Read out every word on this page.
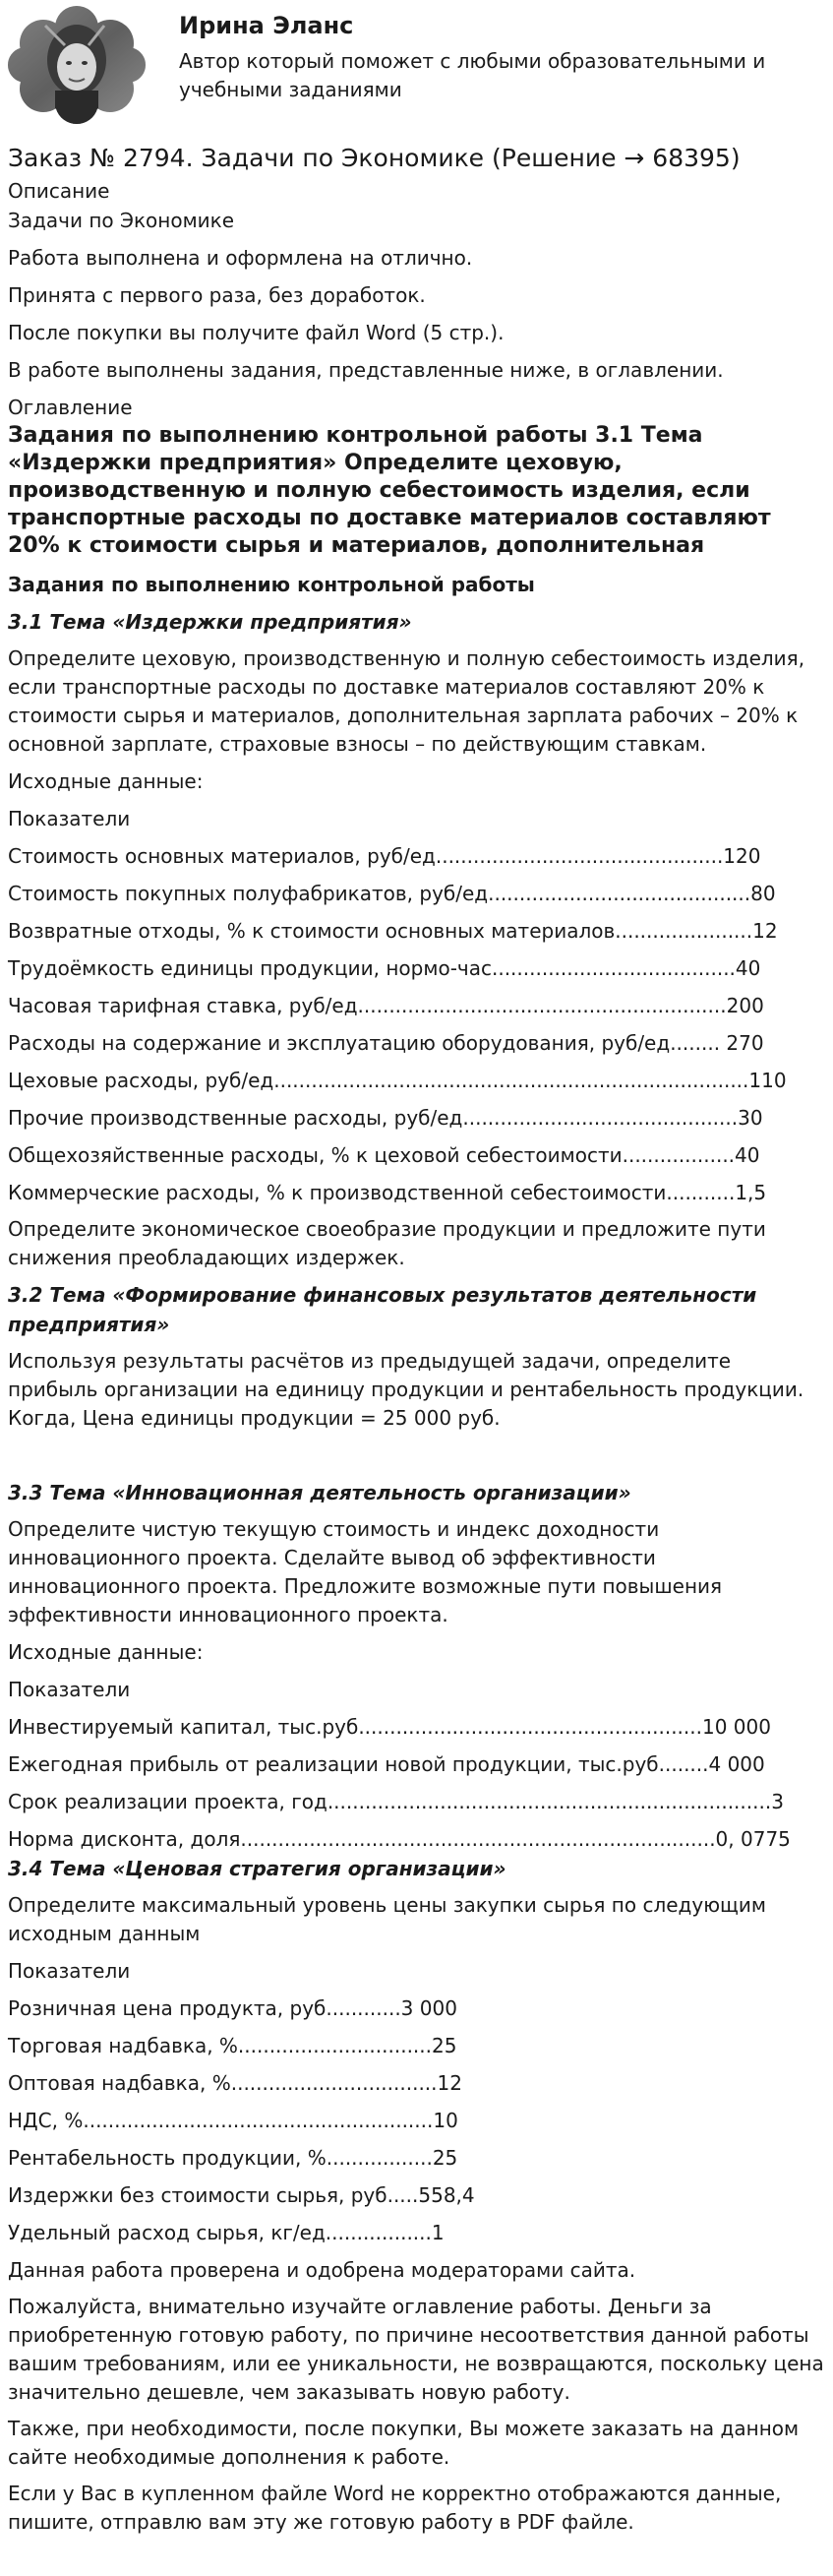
Ирина Эланс
Автор который поможет с любыми образовательными и учебными заданиями
Заказ № 2794. Задачи по Экономике (Решение → 68395)

Описание

Задачи по Экономике

Работа выполнена и оформлена на отлично.

Принята с первого раза, без доработок.

После покупки вы получите файл Word (5 стр.).

В работе выполнены задания, представленные ниже, в оглавлении.

Оглавление

Задания по выполнению контрольной работы 3.1 Тема «Издержки предприятия» Определите цеховую, производственную и полную себестоимость изделия, если транспортные расходы по доставке материалов составляют 20% к стоимости сырья и материалов, дополнительная

Задания по выполнению контрольной работы

3.1 Тема «Издержки предприятия»

Определите цеховую, производственную и полную себестоимость изделия, если транспортные расходы по доставке материалов составляют 20% к стоимости сырья и материалов, дополнительная зарплата рабочих – 20% к основной зарплате, страховые взносы – по действующим ставкам.

Исходные данные:

Показатели

Стоимость основных материалов, руб/ед..............................................120

Стоимость покупных полуфабрикатов, руб/ед..........................................80

Возвратные отходы, % к стоимости основных материалов......................12

Трудоёмкость единицы продукции, нормо-час.......................................40

Часовая тарифная ставка, руб/ед...........................................................200

Расходы на содержание и эксплуатацию оборудования, руб/ед........ 270

Цеховые расходы, руб/ед............................................................................110

Прочие производственные расходы, руб/ед............................................30

Общехозяйственные расходы, % к цеховой себестоимости..................40

Коммерческие расходы, % к производственной себестоимости...........1,5

Определите экономическое своеобразие продукции и предложите пути снижения преобладающих издержек.

3.2 Тема «Формирование финансовых результатов деятельности предприятия»

Используя результаты расчётов из предыдущей задачи, определите прибыль организации на единицу продукции и рентабельность продукции. Когда, Цена единицы продукции = 25 000 руб.

3.3 Тема «Инновационная деятельность организации»

Определите чистую текущую стоимость и индекс доходности инновационного проекта. Сделайте вывод об эффективности инновационного проекта. Предложите возможные пути повышения эффективности инновационного проекта.

Исходные данные:

Показатели

Инвестируемый капитал, тыс.руб.......................................................10 000

Ежегодная прибыль от реализации новой продукции, тыс.руб........4 000

Срок реализации проекта, год.......................................................................3

Норма дисконта, доля............................................................................0, 0775

3.4 Тема «Ценовая стратегия организации»

Определите максимальный уровень цены закупки сырья по следующим исходным данным

Показатели

Розничная цена продукта, руб............3 000

Торговая надбавка, %...............................25

Оптовая надбавка, %.................................12

НДС, %........................................................10

Рентабельность продукции, %.................25

Издержки без стоимости сырья, руб.....558,4

Удельный расход сырья, кг/ед.................1

Данная работа проверена и одобрена модераторами сайта.

Пожалуйста, внимательно изучайте оглавление работы. Деньги за приобретенную готовую работу, по причине несоответствия данной работы вашим требованиям, или ее уникальности, не возвращаются, поскольку цена значительно дешевле, чем заказывать новую работу.

Также, при необходимости, после покупки, Вы можете заказать на данном сайте необходимые дополнения к работе.

Если у Вас в купленном файле Word не корректно отображаются данные, пишите, отправлю вам эту же готовую работу в PDF файле.
